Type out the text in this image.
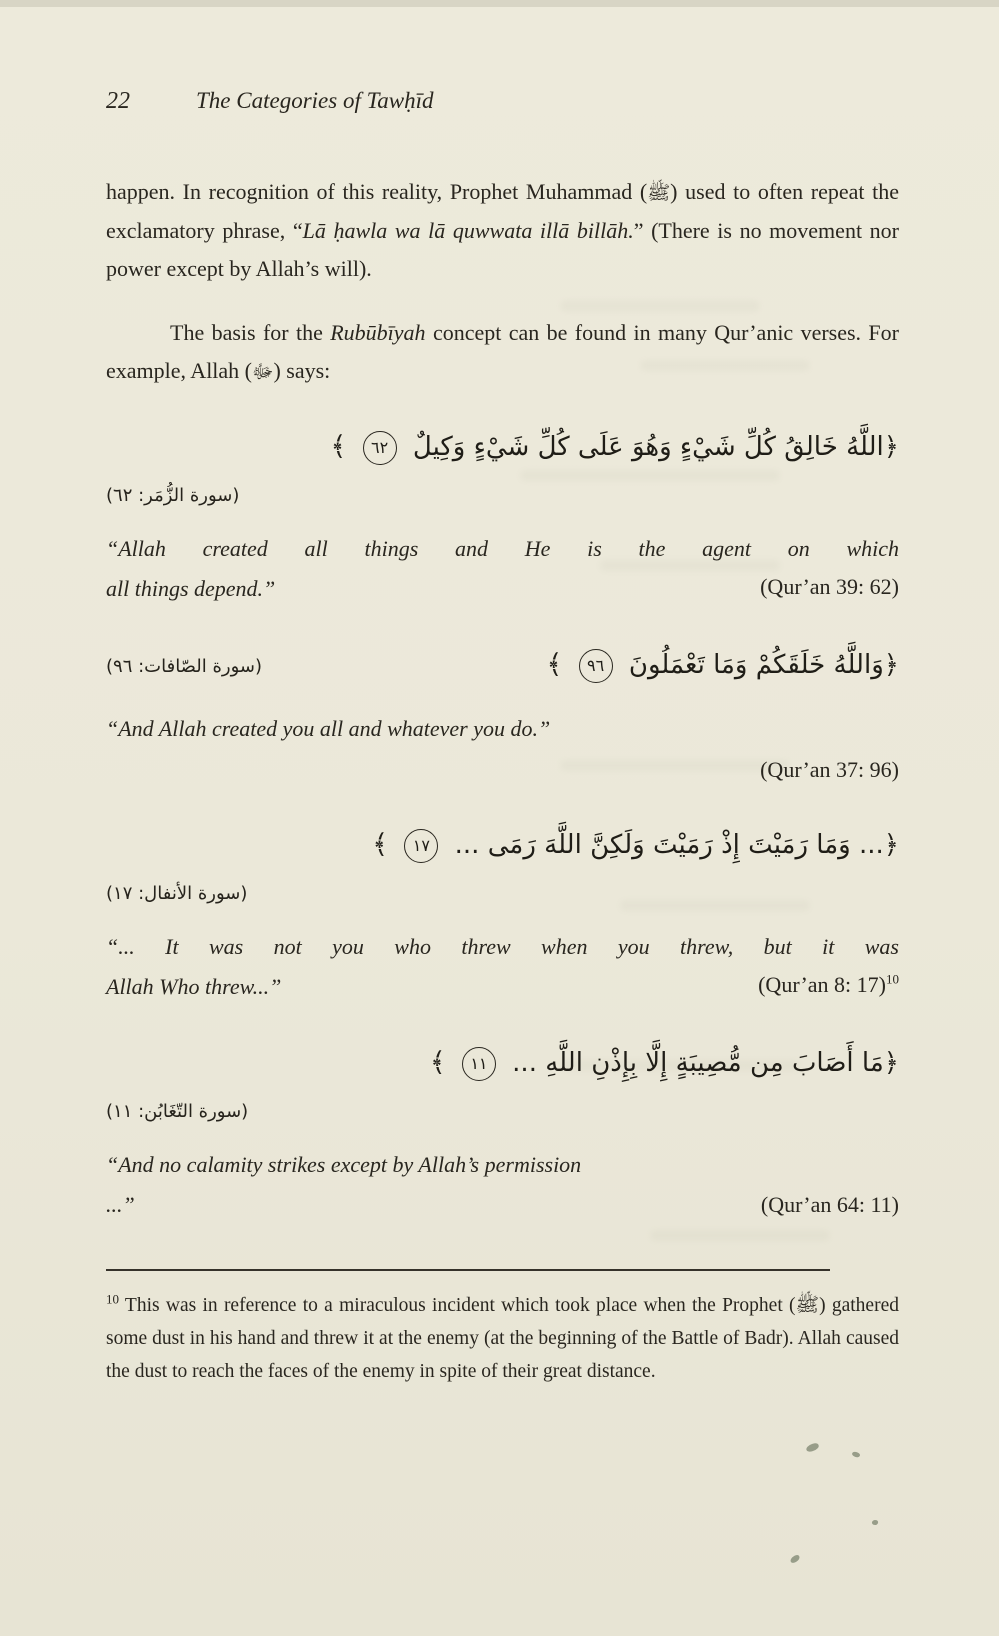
22	The Categories of Tawḥīd

happen. In recognition of this reality, Prophet Muhammad (ﷺ) used to often repeat the exclamatory phrase, “Lā ḥawla wa lā quwwata illā billāh.” (There is no movement nor power except by Allah’s will).

The basis for the Rubūbīyah concept can be found in many Qur’anic verses. For example, Allah (ﷻ) says:

﴿اللَّهُ خَالِقُ كُلِّ شَيْءٍ وَهُوَ عَلَى كُلِّ شَيْءٍ وَكِيلٌ ٦٢ ﴾
(سورة الزُّمَر: ٦٢)

“Allah created all things and He is the agent on which
all things depend.”	(Qur’an 39: 62)

(سورة الصّافات: ٩٦)	﴿وَاللَّهُ خَلَقَكُمْ وَمَا تَعْمَلُونَ ٩٦ ﴾

“And Allah created you all and whatever you do.”

(Qur’an 37: 96)
﴿... وَمَا رَمَيْتَ إِذْ رَمَيْتَ وَلَكِنَّ اللَّهَ رَمَى ... ١٧ ﴾
(سورة الأنفال: ١٧)

“... It was not you who threw when you threw, but it was
Allah Who threw...”	(Qur’an 8: 17)$^{10}$

﴿مَا أَصَابَ مِن مُّصِيبَةٍ إِلَّا بِإِذْنِ اللَّهِ ... ١١ ﴾
(سورة التّغَابُن: ١١)

“And no calamity strikes except by Allah’s permission
...”	(Qur’an 64: 11)

$^{10}$ This was in reference to a miraculous incident which took place when the Prophet (ﷺ) gathered some dust in his hand and threw it at the enemy (at the beginning of the Battle of Badr). Allah caused the dust to reach the faces of the enemy in spite of their great distance.
